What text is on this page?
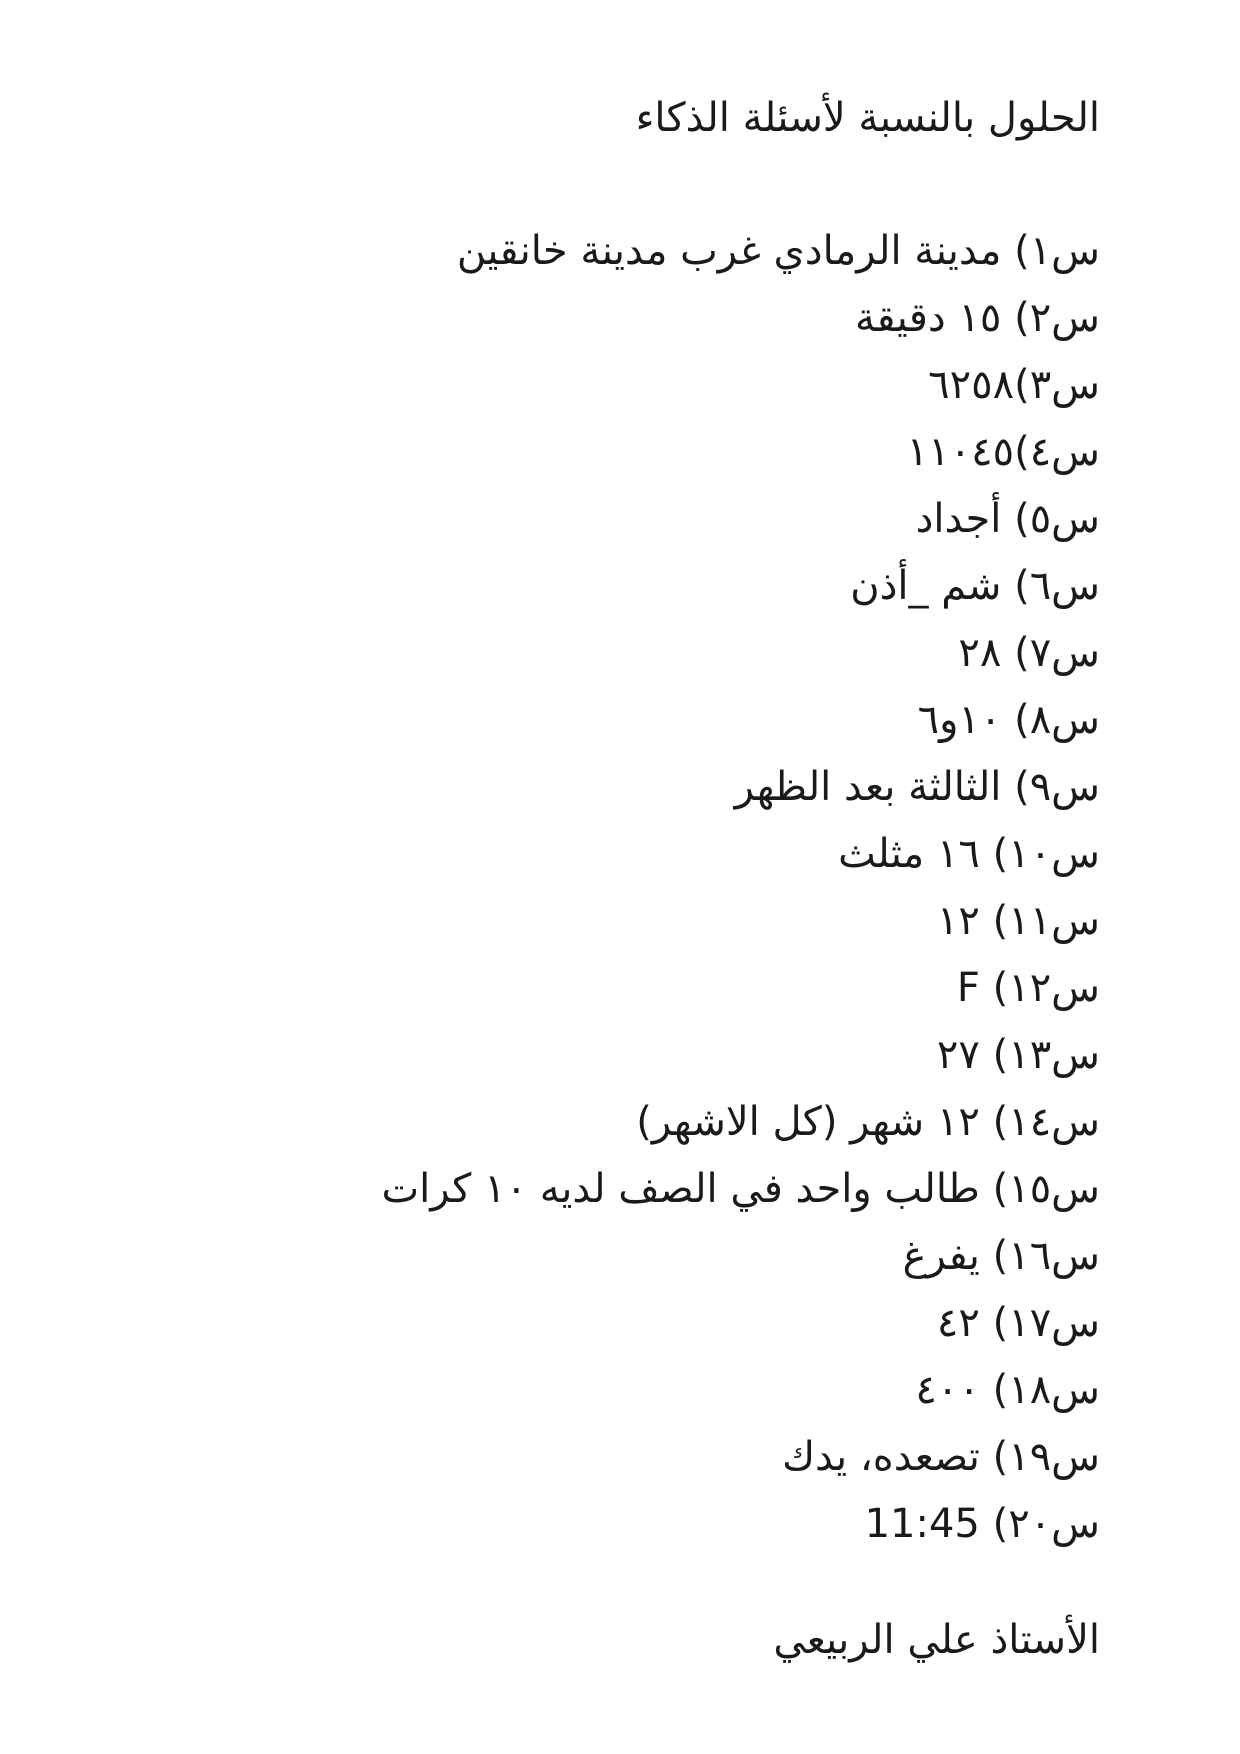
الحلول بالنسبة لأسئلة الذكاء
س١) مدينة الرمادي غرب مدينة خانقين
س٢) ١٥ دقيقة
س٣)٦٢٥٨
س٤)١١٠٤٥
س٥) أجداد
س٦) شم _أذن
س٧) ٢٨
س٨) ١٠و٦
س٩) الثالثة بعد الظهر
س١٠) ١٦ مثلث
س١١) ١٢
س١٢) F
س١٣) ٢٧
س١٤) ١٢ شهر (كل الاشهر)
س١٥) طالب واحد في الصف لديه ١٠ كرات
س١٦) يفرغ
س١٧) ٤٢
س١٨) ٤٠٠
س١٩) تصعده، يدك
س٢٠) 11:45

الأستاذ علي الربيعي
